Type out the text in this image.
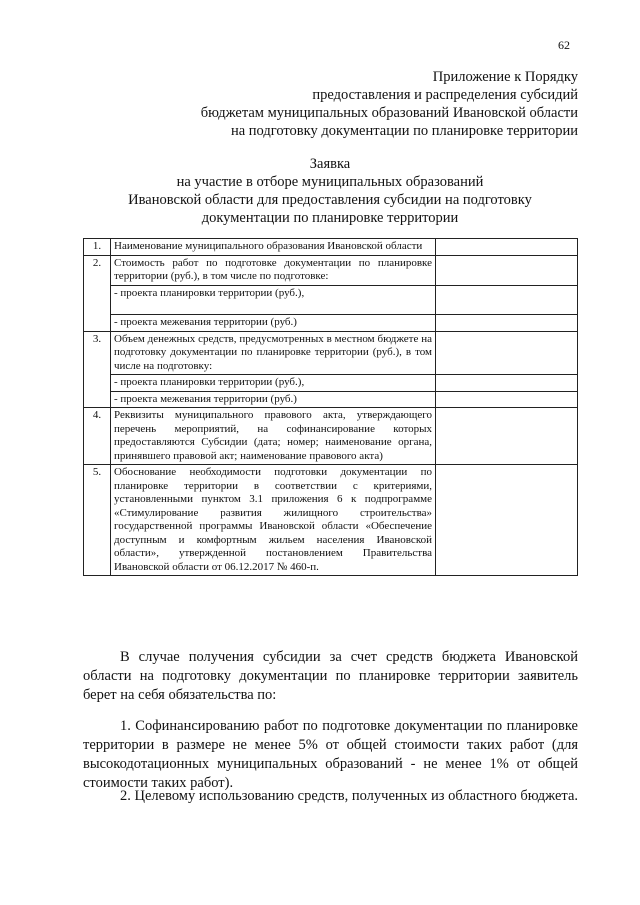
62
Приложение к Порядку
предоставления и распределения субсидий
бюджетам муниципальных образований Ивановской области
на подготовку документации по планировке территории
Заявка
на участие в отборе муниципальных образований
Ивановской области для предоставления субсидии на подготовку
документации по планировке территории
1.	Наименование муниципального образования Ивановской области	
2.	Стоимость работ по подготовке документации по планировке территории (руб.), в том числе по подготовке:	
	- проекта планировки территории (руб.),	
	- проекта межевания территории (руб.)	
3.	Объем денежных средств, предусмотренных в местном бюджете на подготовку документации по планировке территории (руб.), в том числе на подготовку:	
	- проекта планировки территории (руб.),	
	- проекта межевания территории (руб.)	
4.	Реквизиты муниципального правового акта, утверждающего перечень мероприятий, на софинансирование которых предоставляются Субсидии (дата; номер; наименование органа, принявшего правовой акт; наименование правового акта)	
5.	Обоснование необходимости подготовки документации по планировке территории в соответствии с критериями, установленными пунктом 3.1 приложения 6 к подпрограмме «Стимулирование развития жилищного строительства» государственной программы Ивановской области «Обеспечение доступным и комфортным жильем населения Ивановской области», утвержденной постановлением Правительства Ивановской области от 06.12.2017 № 460-п.	
В случае получения субсидии за счет средств бюджета Ивановской области на подготовку документации по планировке территории заявитель берет на себя обязательства по:
1. Софинансированию работ по подготовке документации по планировке территории в размере не менее 5% от общей стоимости таких работ (для высокодотационных муниципальных образований - не менее 1% от общей стоимости таких работ).
2. Целевому использованию средств, полученных из областного бюджета.
